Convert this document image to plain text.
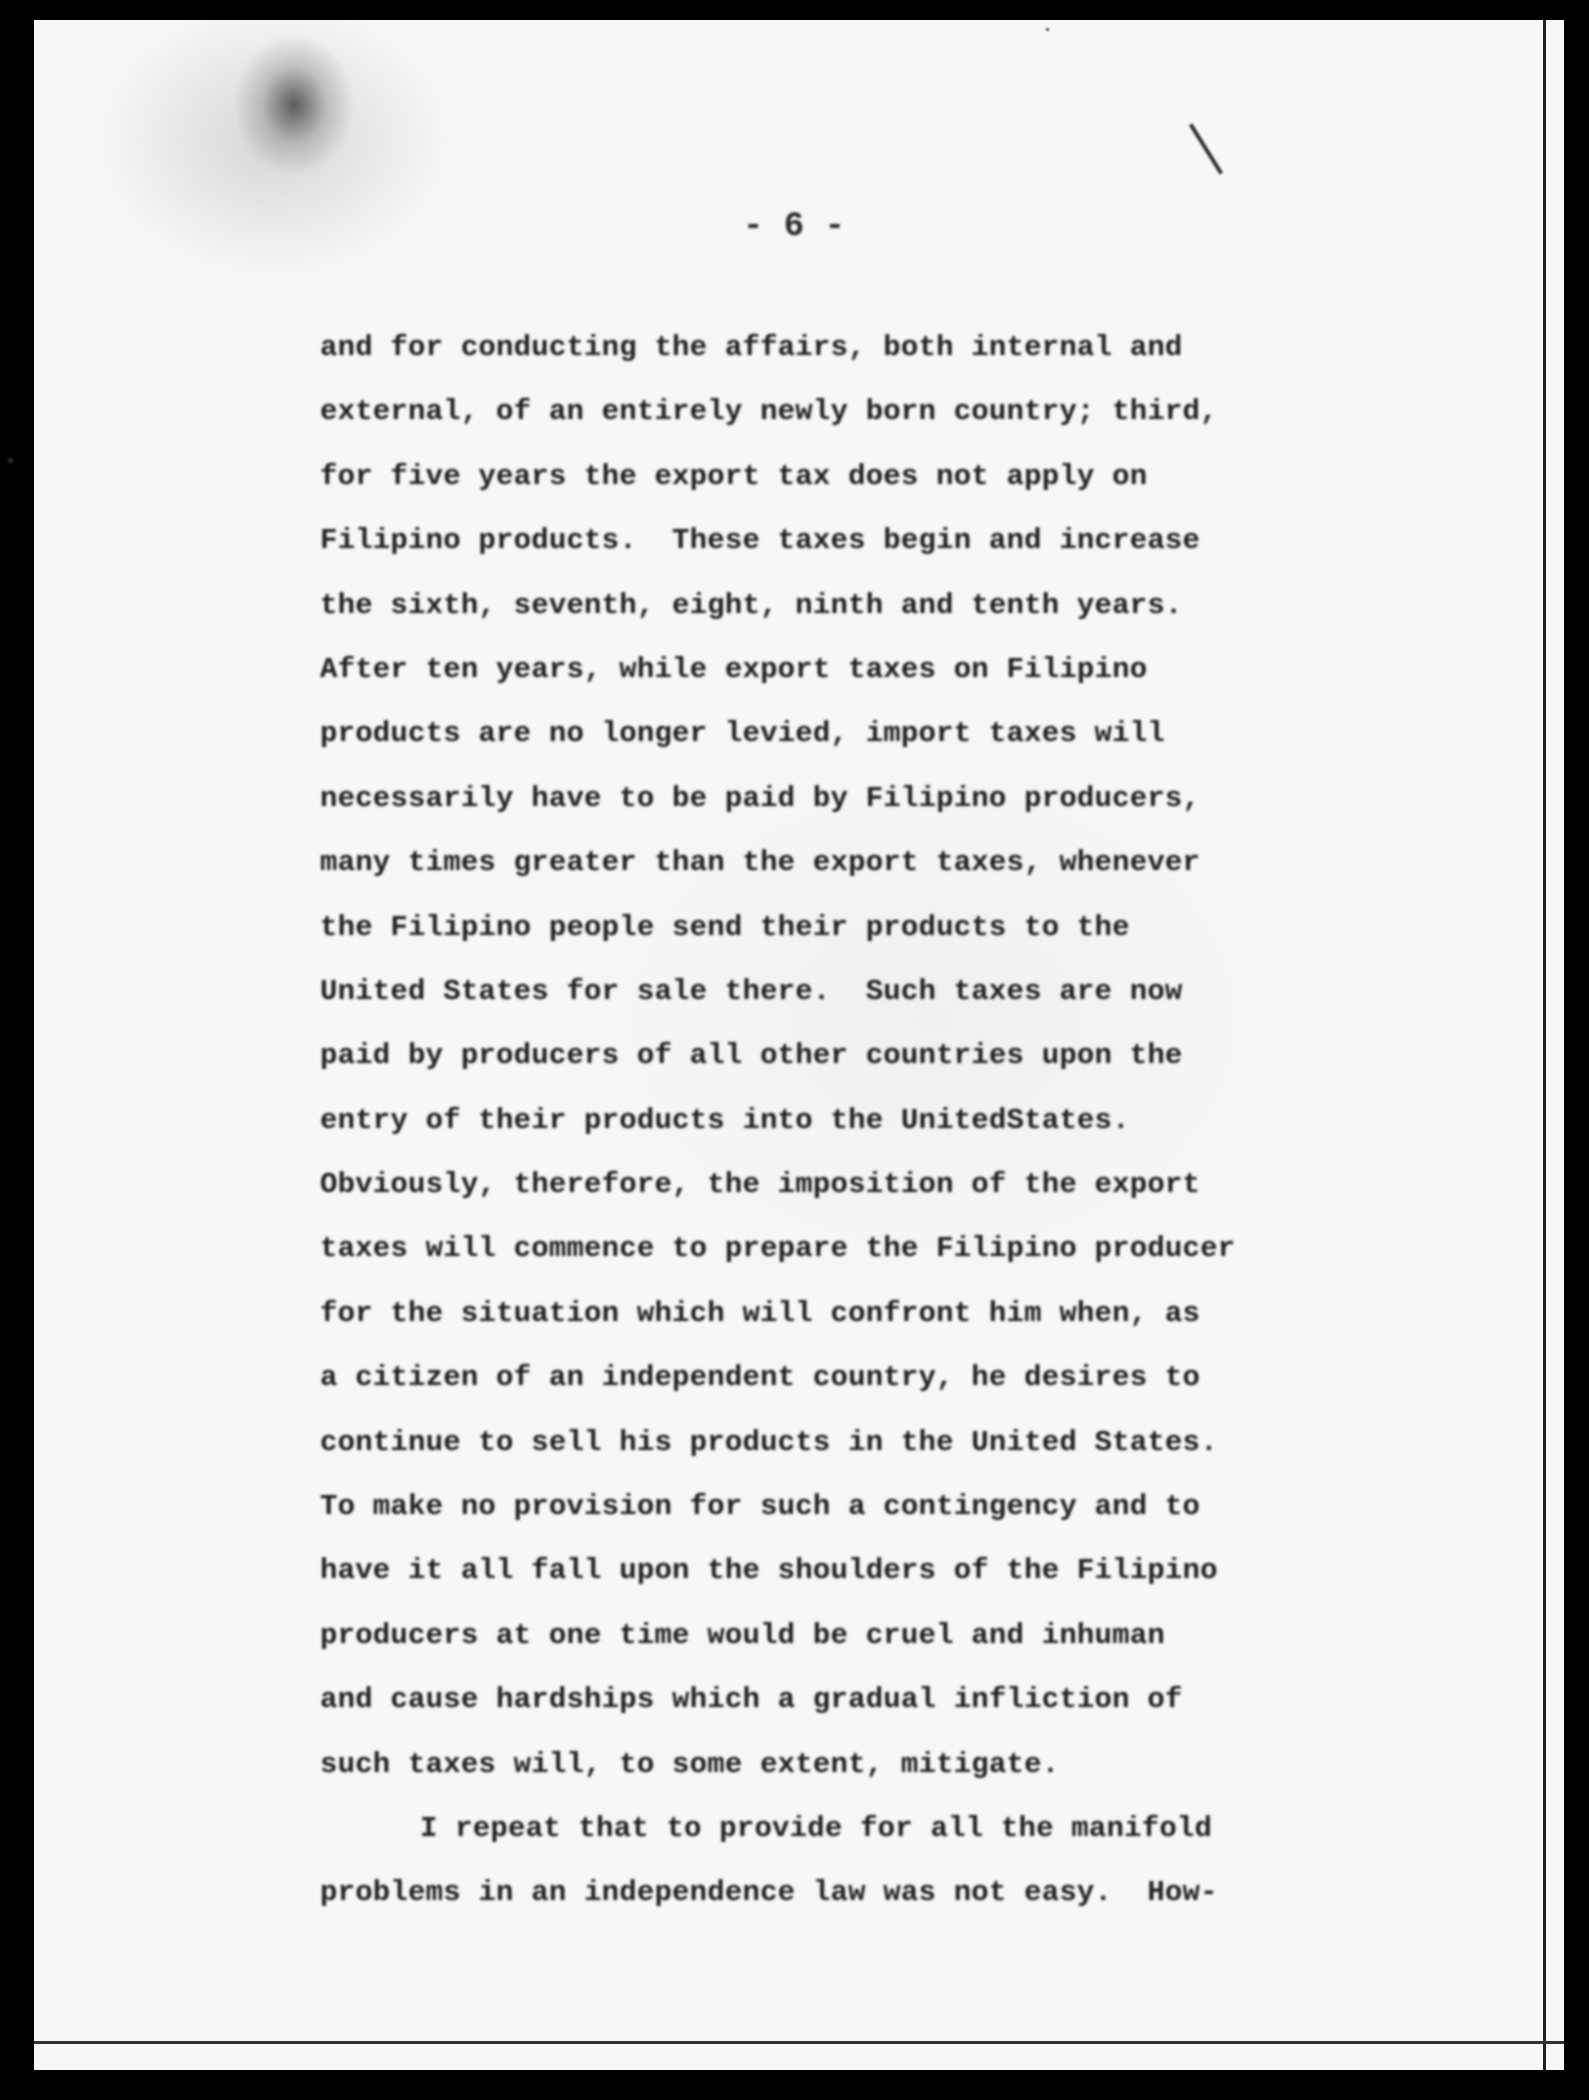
- 6 -
and for conducting the affairs, both internal and
external, of an entirely newly born country; third,
for five years the export tax does not apply on
Filipino products.  These taxes begin and increase
the sixth, seventh, eight, ninth and tenth years.
After ten years, while export taxes on Filipino
products are no longer levied, import taxes will
necessarily have to be paid by Filipino producers,
many times greater than the export taxes, whenever
the Filipino people send their products to the
United States for sale there.  Such taxes are now
paid by producers of all other countries upon the
entry of their products into the UnitedStates.
Obviously, therefore, the imposition of the export
taxes will commence to prepare the Filipino producer
for the situation which will confront him when, as
a citizen of an independent country, he desires to
continue to sell his products in the United States.
To make no provision for such a contingency and to
have it all fall upon the shoulders of the Filipino
producers at one time would be cruel and inhuman
and cause hardships which a gradual infliction of
such taxes will, to some extent, mitigate.
I repeat that to provide for all the manifold
problems in an independence law was not easy.  How-
